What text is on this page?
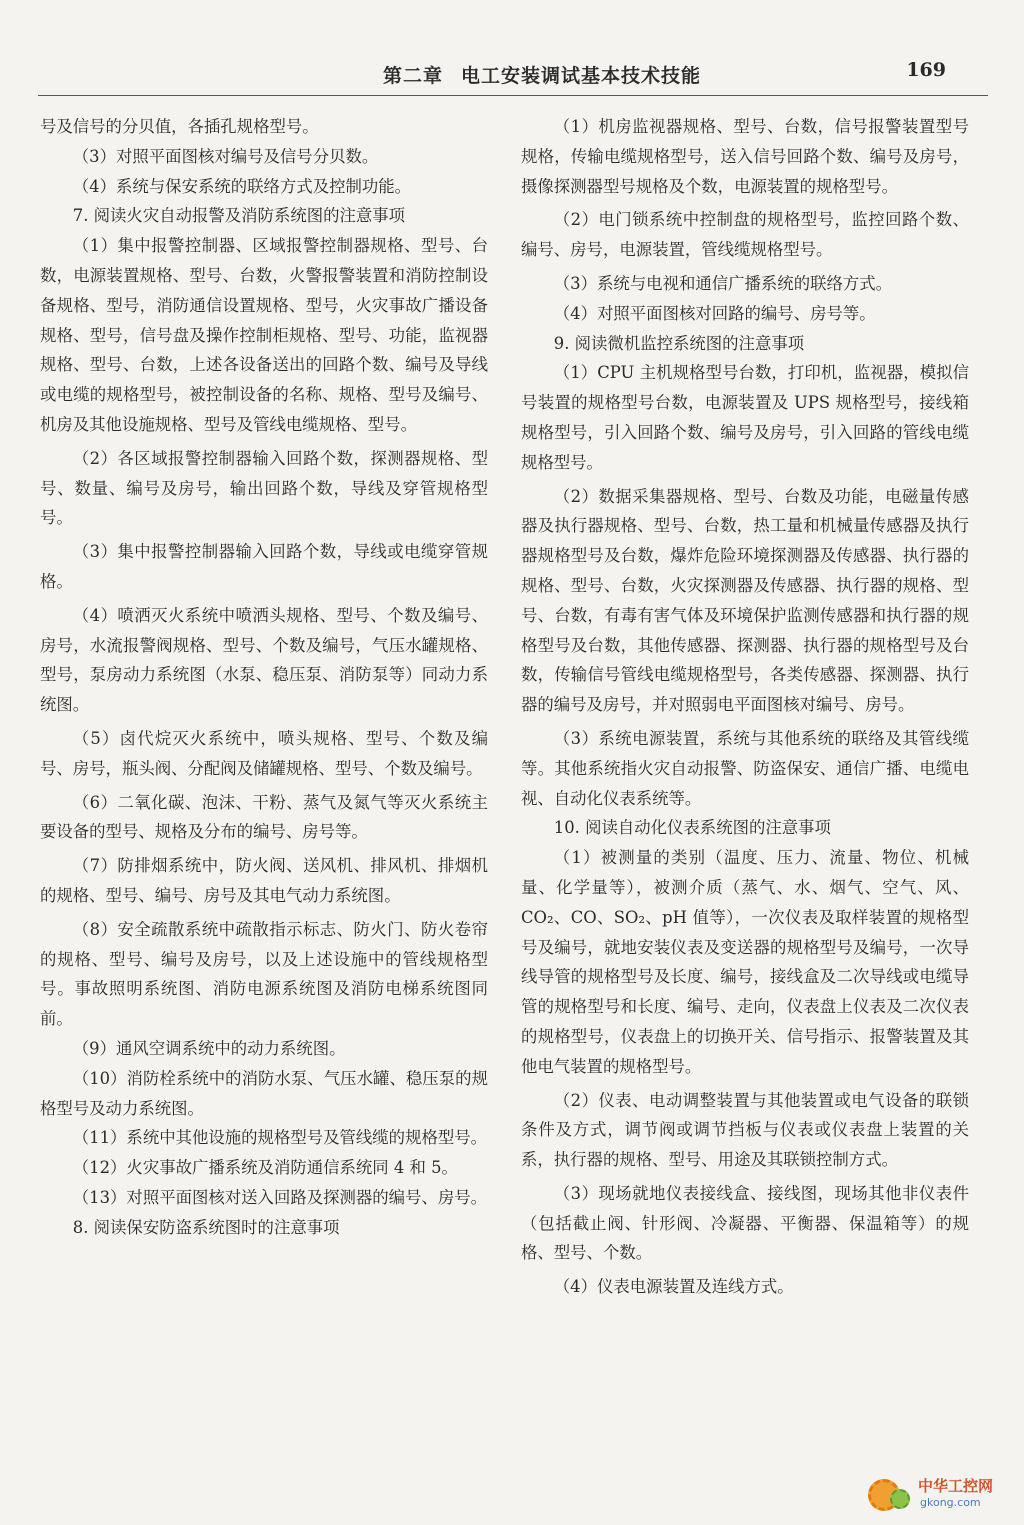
第二章 电工安装调试基本技术技能	169

号及信号的分贝值，各插孔规格型号。

（3）对照平面图核对编号及信号分贝数。

（4）系统与保安系统的联络方式及控制功能。

7. 阅读火灾自动报警及消防系统图的注意事项

（1）集中报警控制器、区域报警控制器规格、型号、台数，电源装置规格、型号、台数，火警报警装置和消防控制设备规格、型号，消防通信设置规格、型号，火灾事故广播设备规格、型号，信号盘及操作控制柜规格、型号、功能，监视器规格、型号、台数，上述各设备送出的回路个数、编号及导线或电缆的规格型号，被控制设备的名称、规格、型号及编号、机房及其他设施规格、型号及管线电缆规格、型号。

（2）各区域报警控制器输入回路个数，探测器规格、型号、数量、编号及房号，输出回路个数，导线及穿管规格型号。

（3）集中报警控制器输入回路个数，导线或电缆穿管规格。

（4）喷洒灭火系统中喷洒头规格、型号、个数及编号、房号，水流报警阀规格、型号、个数及编号，气压水罐规格、型号，泵房动力系统图（水泵、稳压泵、消防泵等）同动力系统图。

（5）卤代烷灭火系统中，喷头规格、型号、个数及编号、房号，瓶头阀、分配阀及储罐规格、型号、个数及编号。

（6）二氧化碳、泡沫、干粉、蒸气及氮气等灭火系统主要设备的型号、规格及分布的编号、房号等。

（7）防排烟系统中，防火阀、送风机、排风机、排烟机的规格、型号、编号、房号及其电气动力系统图。

（8）安全疏散系统中疏散指示标志、防火门、防火卷帘的规格、型号、编号及房号，以及上述设施中的管线规格型号。事故照明系统图、消防电源系统图及消防电梯系统图同前。

（9）通风空调系统中的动力系统图。

（10）消防栓系统中的消防水泵、气压水罐、稳压泵的规格型号及动力系统图。

（11）系统中其他设施的规格型号及管线缆的规格型号。

（12）火灾事故广播系统及消防通信系统同 4 和 5。

（13）对照平面图核对送入回路及探测器的编号、房号。

8. 阅读保安防盗系统图时的注意事项

（1）机房监视器规格、型号、台数，信号报警装置型号规格，传输电缆规格型号，送入信号回路个数、编号及房号，摄像探测器型号规格及个数，电源装置的规格型号。

（2）电门锁系统中控制盘的规格型号，监控回路个数、编号、房号，电源装置，管线缆规格型号。

（3）系统与电视和通信广播系统的联络方式。

（4）对照平面图核对回路的编号、房号等。

9. 阅读微机监控系统图的注意事项

（1）CPU 主机规格型号台数，打印机，监视器，模拟信号装置的规格型号台数，电源装置及 UPS 规格型号，接线箱规格型号，引入回路个数、编号及房号，引入回路的管线电缆规格型号。

（2）数据采集器规格、型号、台数及功能，电磁量传感器及执行器规格、型号、台数，热工量和机械量传感器及执行器规格型号及台数，爆炸危险环境探测器及传感器、执行器的规格、型号、台数，火灾探测器及传感器、执行器的规格、型号、台数，有毒有害气体及环境保护监测传感器和执行器的规格型号及台数，其他传感器、探测器、执行器的规格型号及台数，传输信号管线电缆规格型号，各类传感器、探测器、执行器的编号及房号，并对照弱电平面图核对编号、房号。

（3）系统电源装置，系统与其他系统的联络及其管线缆等。其他系统指火灾自动报警、防盗保安、通信广播、电缆电视、自动化仪表系统等。

10. 阅读自动化仪表系统图的注意事项

（1）被测量的类别（温度、压力、流量、物位、机械量、化学量等），被测介质（蒸气、水、烟气、空气、风、CO₂、CO、SO₂、pH 值等），一次仪表及取样装置的规格型号及编号，就地安装仪表及变送器的规格型号及编号，一次导线导管的规格型号及长度、编号，接线盒及二次导线或电缆导管的规格型号和长度、编号、走向，仪表盘上仪表及二次仪表的规格型号，仪表盘上的切换开关、信号指示、报警装置及其他电气装置的规格型号。

（2）仪表、电动调整装置与其他装置或电气设备的联锁条件及方式，调节阀或调节挡板与仪表或仪表盘上装置的关系，执行器的规格、型号、用途及其联锁控制方式。

（3）现场就地仪表接线盒、接线图，现场其他非仪表件（包括截止阀、针形阀、冷凝器、平衡器、保温箱等）的规格、型号、个数。

（4）仪表电源装置及连线方式。

中华工控网
gkong.com
